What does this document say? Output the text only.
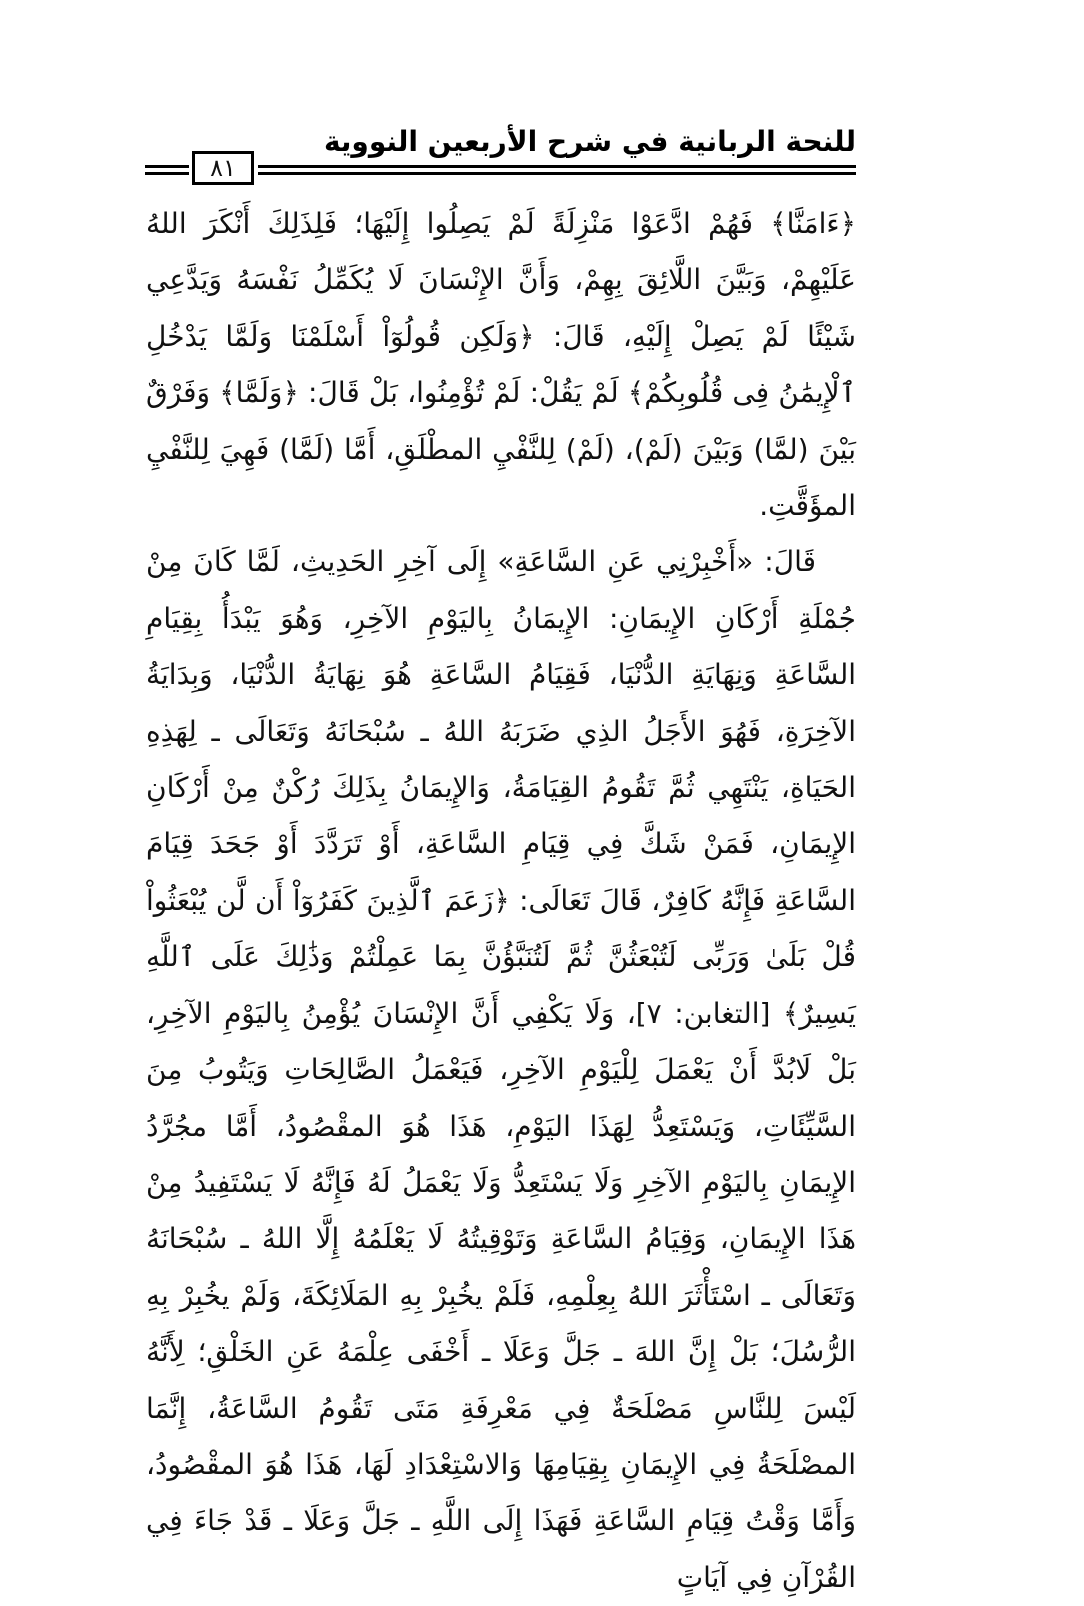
للنحة الربانية في شرح الأربعين النووية
٨١

﴿ءَامَنَّا﴾ فَهُمْ ادَّعَوْا مَنْزِلَةً لَمْ يَصِلُوا إِلَيْهَا؛ فَلِذَلِكَ أَنْكَرَ اللهُ عَلَيْهِمْ، وَبَيَّنَ اللَّائِقَ بِهِمْ، وَأَنَّ الإِنْسَانَ لَا يُكَمِّلُ نَفْسَهُ وَيَدَّعِي شَيْئًا لَمْ يَصِلْ إِلَيْهِ، قَالَ: ﴿وَلَكِن قُولُوٓاْ أَسْلَمْنَا وَلَمَّا يَدْخُلِ ٱلْإِيمَٰنُ فِى قُلُوبِكُمْ﴾ لَمْ يَقُلْ: لَمْ تُؤْمِنُوا، بَلْ قَالَ: ﴿وَلَمَّا﴾ وَفَرْقٌ بَيْنَ (لمَّا) وَبَيْنَ (لَمْ)، (لَمْ) لِلنَّفْيِ المطْلَقِ، أَمَّا (لَمَّا) فَهِيَ لِلنَّفْيِ المؤَقَّتِ.

قَالَ: «أَخْبِرْنِي عَنِ السَّاعَةِ» إِلَى آخِرِ الحَدِيثِ، لَمَّا كَانَ مِنْ جُمْلَةِ أَرْكَانِ الإِيمَانِ: الإِيمَانُ بِاليَوْمِ الآخِرِ، وَهُوَ يَبْدَأُ بِقِيَامِ السَّاعَةِ وَنِهَايَةِ الدُّنْيَا، فَقِيَامُ السَّاعَةِ هُوَ نِهَايَةُ الدُّنْيَا، وَبِدَايَةُ الآخِرَةِ، فَهُوَ الأَجَلُ الذِي ضَرَبَهُ اللهُ ـ سُبْحَانَهُ وَتَعَالَى ـ لِهَذِهِ الحَيَاةِ، يَنْتَهِي ثُمَّ تَقُومُ القِيَامَةُ، وَالإِيمَانُ بِذَلِكَ رُكْنٌ مِنْ أَرْكَانِ الإِيمَانِ، فَمَنْ شَكَّ فِي قِيَامِ السَّاعَةِ، أَوْ تَرَدَّدَ أَوْ جَحَدَ قِيَامَ السَّاعَةِ فَإِنَّهُ كَافِرٌ، قَالَ تَعَالَى: ﴿زَعَمَ ٱلَّذِينَ كَفَرُوٓاْ أَن لَّن يُبْعَثُواْ قُلْ بَلَىٰ وَرَبِّى لَتُبْعَثُنَّ ثُمَّ لَتُنَبَّؤُنَّ بِمَا عَمِلْتُمْ وَذَٰلِكَ عَلَى ٱللَّهِ يَسِيرٌ﴾ [التغابن: ٧]، وَلَا يَكْفِي أَنَّ الإِنْسَانَ يُؤْمِنُ بِاليَوْمِ الآخِرِ، بَلْ لَابُدَّ أَنْ يَعْمَلَ لِلْيَوْمِ الآخِرِ، فَيَعْمَلُ الصَّالِحَاتِ وَيَتُوبُ مِنَ السَّيِّئَاتِ، وَيَسْتَعِدُّ لِهَذَا اليَوْمِ، هَذَا هُوَ المقْصُودُ، أَمَّا مجُرَّدُ الإِيمَانِ بِاليَوْمِ الآخِرِ وَلَا يَسْتَعِدُّ وَلَا يَعْمَلُ لَهُ فَإِنَّهُ لَا يَسْتَفِيدُ مِنْ هَذَا الإِيمَانِ، وَقِيَامُ السَّاعَةِ وَتَوْقِيتُهُ لَا يَعْلَمُهُ إِلَّا اللهُ ـ سُبْحَانَهُ وَتَعَالَى ـ اسْتَأْثَرَ اللهُ بِعِلْمِهِ، فَلَمْ يخُبِرْ بِهِ المَلَائِكَةَ، وَلَمْ يخُبِرْ بِهِ الرُّسُلَ؛ بَلْ إِنَّ اللهَ ـ جَلَّ وَعَلَا ـ أَخْفَى عِلْمَهُ عَنِ الخَلْقِ؛ لِأَنَّهُ لَيْسَ لِلنَّاسِ مَصْلَحَةٌ فِي مَعْرِفَةِ مَتَى تَقُومُ السَّاعَةُ، إِنَّمَا المصْلَحَةُ فِي الإِيمَانِ بِقِيَامِهَا وَالاسْتِعْدَادِ لَهَا، هَذَا هُوَ المقْصُودُ، وَأَمَّا وَقْتُ قِيَامِ السَّاعَةِ فَهَذَا إِلَى اللَّهِ ـ جَلَّ وَعَلَا ـ قَدْ جَاءَ فِي القُرْآنِ فِي آيَاتٍ
